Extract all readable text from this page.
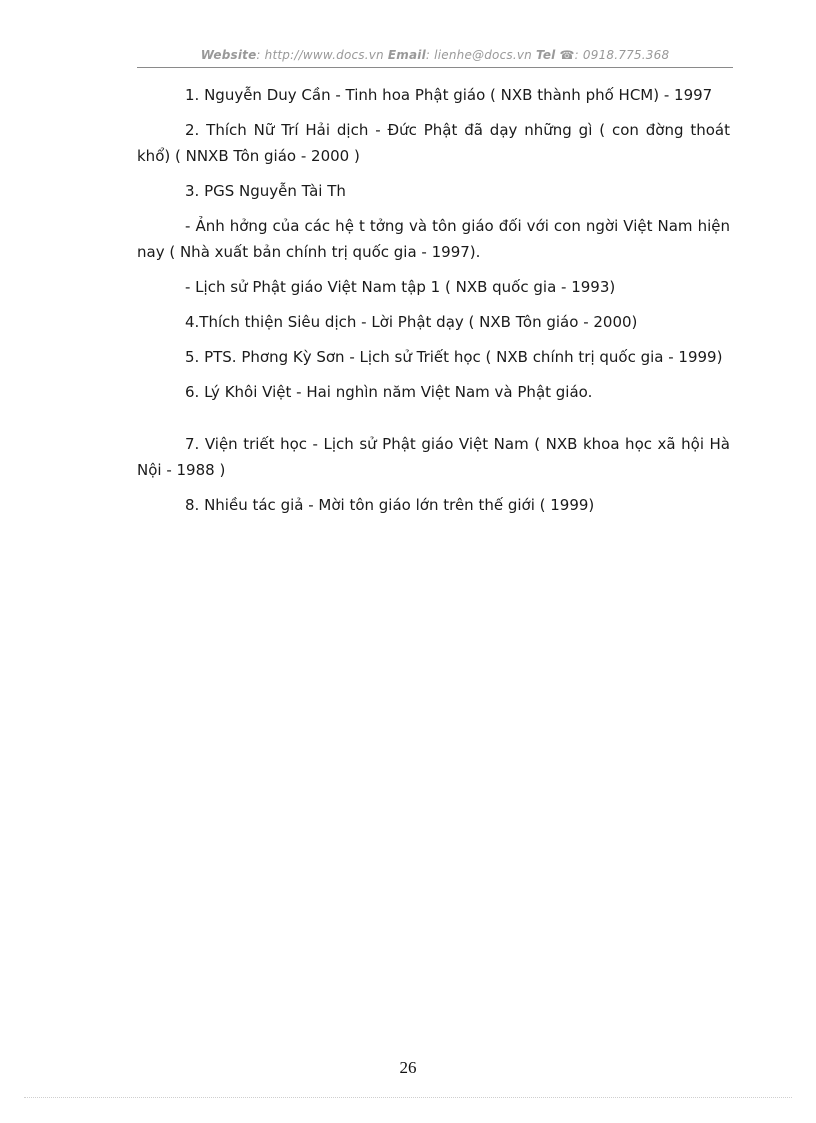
Website: http://www.docs.vn Email: lienhe@docs.vn Tel ☎: 0918.775.368

1. Nguyễn Duy Cần - Tinh hoa Phật giáo ( NXB thành phố HCM) - 1997

2. Thích Nữ Trí Hải dịch - Đức Phật đã dạy những gì ( con đờng thoát khổ) ( NNXB Tôn giáo - 2000 )

3. PGS Nguyễn Tài Th

- Ảnh hởng của các hệ t tởng và tôn giáo đối với con ngời Việt Nam hiện nay ( Nhà xuất bản chính trị quốc gia - 1997).

- Lịch sử Phật giáo Việt Nam tập 1 ( NXB quốc gia - 1993)

4.Thích thiện Siêu dịch - Lời Phật dạy ( NXB Tôn giáo - 2000)

5. PTS. Phơng Kỳ Sơn - Lịch sử Triết học ( NXB chính trị quốc gia - 1999)

6. Lý Khôi Việt - Hai nghìn năm Việt Nam và Phật giáo.

7. Viện triết học - Lịch sử Phật giáo Việt Nam ( NXB khoa học xã hội Hà Nội - 1988 )

8. Nhiều tác giả - Mời tôn giáo lớn trên thế giới ( 1999)

26
